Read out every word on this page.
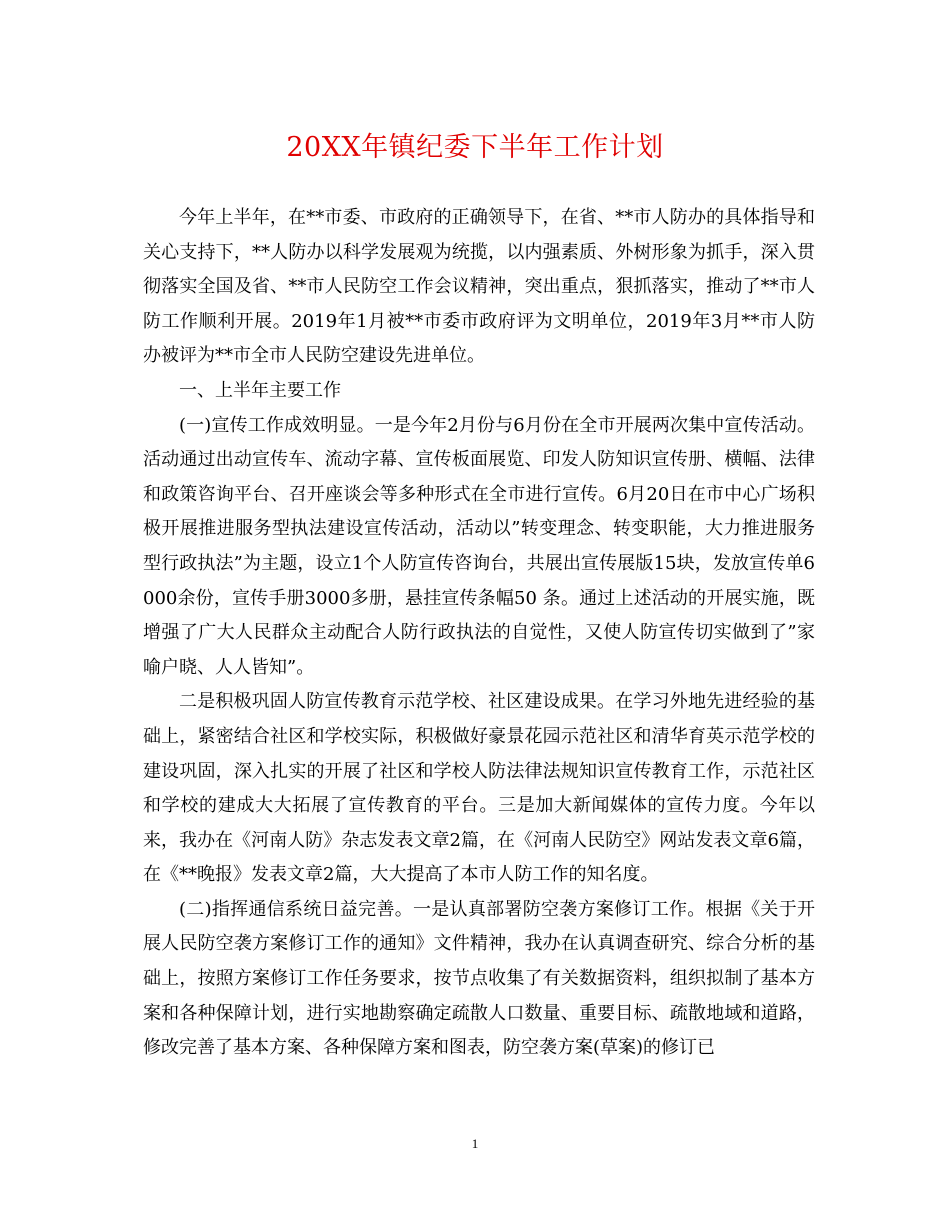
20XX年镇纪委下半年工作计划

今年上半年，在**市委、市政府的正确领导下，在省、**市人防办的具体指导和关心支持下，**人防办以科学发展观为统揽，以内强素质、外树形象为抓手，深入贯彻落实全国及省、**市人民防空工作会议精神，突出重点，狠抓落实，推动了**市人防工作顺利开展。2019年1月被**市委市政府评为文明单位，2019年3月**市人防办被评为**市全市人民防空建设先进单位。

一、上半年主要工作

(一)宣传工作成效明显。一是今年2月份与6月份在全市开展两次集中宣传活动。活动通过出动宣传车、流动字幕、宣传板面展览、印发人防知识宣传册、横幅、法律和政策咨询平台、召开座谈会等多种形式在全市进行宣传。6月20日在市中心广场积极开展推进服务型执法建设宣传活动，活动以”转变理念、转变职能，大力推进服务型行政执法”为主题，设立1个人防宣传咨询台，共展出宣传展版15块，发放宣传单6000余份，宣传手册3000多册，悬挂宣传条幅50 条。通过上述活动的开展实施，既增强了广大人民群众主动配合人防行政执法的自觉性，又使人防宣传切实做到了”家喻户晓、人人皆知”。

二是积极巩固人防宣传教育示范学校、社区建设成果。在学习外地先进经验的基础上，紧密结合社区和学校实际，积极做好豪景花园示范社区和清华育英示范学校的建设巩固，深入扎实的开展了社区和学校人防法律法规知识宣传教育工作，示范社区和学校的建成大大拓展了宣传教育的平台。三是加大新闻媒体的宣传力度。今年以来，我办在《河南人防》杂志发表文章2篇，在《河南人民防空》网站发表文章6篇，在《**晚报》发表文章2篇，大大提高了本市人防工作的知名度。

(二)指挥通信系统日益完善。一是认真部署防空袭方案修订工作。根据《关于开展人民防空袭方案修订工作的通知》文件精神，我办在认真调查研究、综合分析的基础上，按照方案修订工作任务要求，按节点收集了有关数据资料，组织拟制了基本方案和各种保障计划，进行实地勘察确定疏散人口数量、重要目标、疏散地域和道路，修改完善了基本方案、各种保障方案和图表，防空袭方案(草案)的修订已

1
